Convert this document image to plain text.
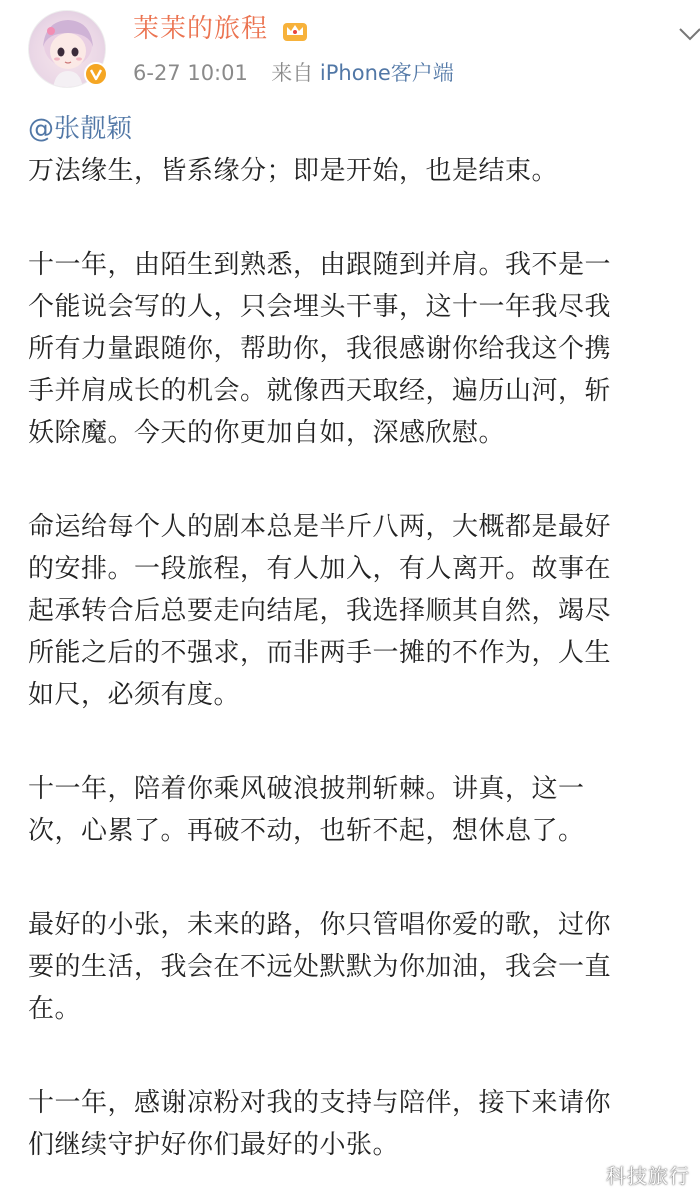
茉茉的旅程
6-27 10:01 来自 iPhone客户端

@张靓颖

万法缘生，皆系缘分；即是开始，也是结束。

十一年，由陌生到熟悉，由跟随到并肩。我不是一

个能说会写的人，只会埋头干事，这十一年我尽我

所有力量跟随你，帮助你，我很感谢你给我这个携

手并肩成长的机会。就像西天取经，遍历山河，斩

妖除魔。今天的你更加自如，深感欣慰。

命运给每个人的剧本总是半斤八两，大概都是最好

的安排。一段旅程，有人加入，有人离开。故事在

起承转合后总要走向结尾，我选择顺其自然，竭尽

所能之后的不强求，而非两手一摊的不作为，人生

如尺，必须有度。

十一年，陪着你乘风破浪披荆斩棘。讲真，这一

次，心累了。再破不动，也斩不起，想休息了。

最好的小张，未来的路，你只管唱你爱的歌，过你

要的生活，我会在不远处默默为你加油，我会一直

在。

十一年，感谢凉粉对我的支持与陪伴，接下来请你

们继续守护好你们最好的小张。

科技旅行
